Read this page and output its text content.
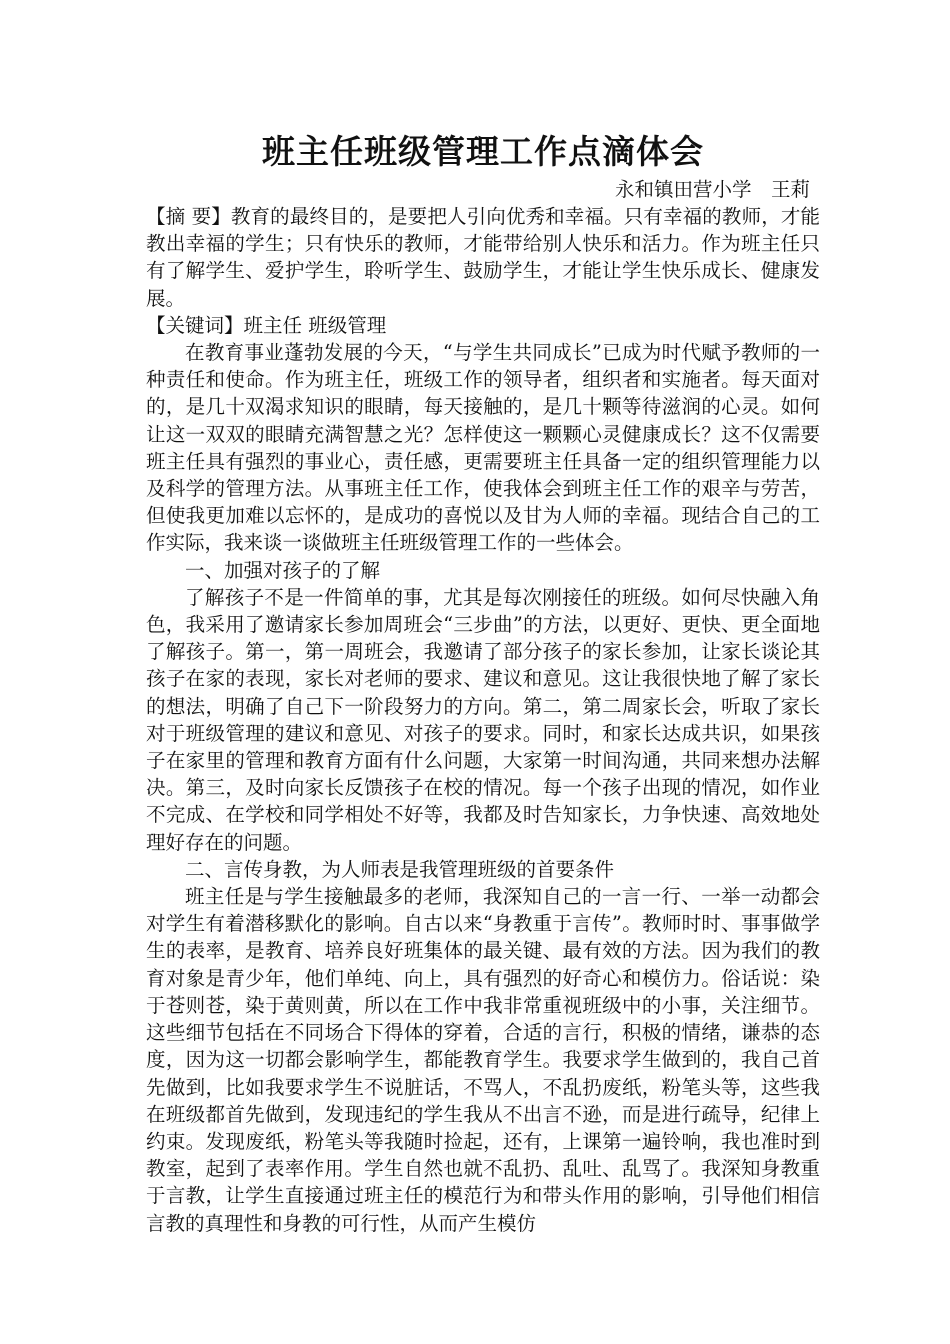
班主任班级管理工作点滴体会

永和镇田营小学　王莉

【摘 要】教育的最终目的，是要把人引向优秀和幸福。只有幸福的教师，才能教出幸福的学生；只有快乐的教师，才能带给别人快乐和活力。作为班主任只有了解学生、爱护学生，聆听学生、鼓励学生，才能让学生快乐成长、健康发展。

【关键词】班主任 班级管理

在教育事业蓬勃发展的今天，“与学生共同成长”已成为时代赋予教师的一种责任和使命。作为班主任，班级工作的领导者，组织者和实施者。每天面对的，是几十双渴求知识的眼睛，每天接触的，是几十颗等待滋润的心灵。如何让这一双双的眼睛充满智慧之光？怎样使这一颗颗心灵健康成长？这不仅需要班主任具有强烈的事业心，责任感，更需要班主任具备一定的组织管理能力以及科学的管理方法。从事班主任工作，使我体会到班主任工作的艰辛与劳苦，但使我更加难以忘怀的，是成功的喜悦以及甘为人师的幸福。现结合自己的工作实际，我来谈一谈做班主任班级管理工作的一些体会。

一、加强对孩子的了解

了解孩子不是一件简单的事，尤其是每次刚接任的班级。如何尽快融入角色，我采用了邀请家长参加周班会“三步曲”的方法，以更好、更快、更全面地了解孩子。第一，第一周班会，我邀请了部分孩子的家长参加，让家长谈论其孩子在家的表现，家长对老师的要求、建议和意见。这让我很快地了解了家长的想法，明确了自己下一阶段努力的方向。第二，第二周家长会，听取了家长对于班级管理的建议和意见、对孩子的要求。同时，和家长达成共识，如果孩子在家里的管理和教育方面有什么问题，大家第一时间沟通，共同来想办法解决。第三，及时向家长反馈孩子在校的情况。每一个孩子出现的情况，如作业不完成、在学校和同学相处不好等，我都及时告知家长，力争快速、高效地处理好存在的问题。

二、言传身教，为人师表是我管理班级的首要条件

班主任是与学生接触最多的老师，我深知自己的一言一行、一举一动都会对学生有着潜移默化的影响。自古以来“身教重于言传”。教师时时、事事做学生的表率，是教育、培养良好班集体的最关键、最有效的方法。因为我们的教育对象是青少年，他们单纯、向上，具有强烈的好奇心和模仿力。俗话说：染于苍则苍，染于黄则黄，所以在工作中我非常重视班级中的小事，关注细节。这些细节包括在不同场合下得体的穿着，合适的言行，积极的情绪，谦恭的态度，因为这一切都会影响学生，都能教育学生。我要求学生做到的，我自己首先做到，比如我要求学生不说脏话，不骂人，不乱扔废纸，粉笔头等，这些我在班级都首先做到，发现违纪的学生我从不出言不逊，而是进行疏导，纪律上约束。发现废纸，粉笔头等我随时捡起，还有，上课第一遍铃响，我也准时到教室，起到了表率作用。学生自然也就不乱扔、乱吐、乱骂了。我深知身教重于言教，让学生直接通过班主任的模范行为和带头作用的影响，引导他们相信言教的真理性和身教的可行性，从而产生模仿
